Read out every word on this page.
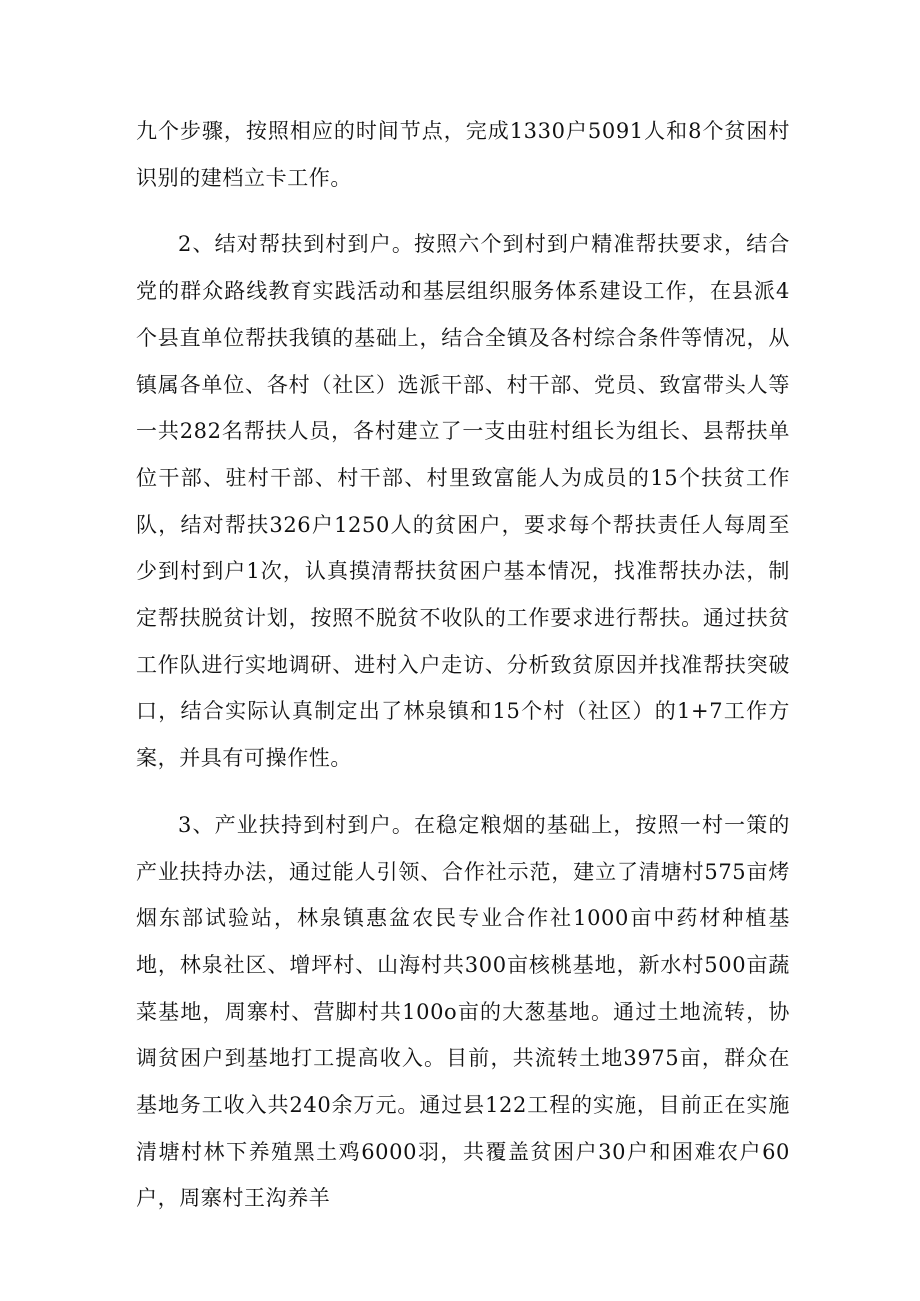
九个步骤，按照相应的时间节点，完成1330户5091人和8个贫困村识别的建档立卡工作。

2、结对帮扶到村到户。按照六个到村到户精准帮扶要求，结合党的群众路线教育实践活动和基层组织服务体系建设工作，在县派4个县直单位帮扶我镇的基础上，结合全镇及各村综合条件等情况，从镇属各单位、各村（社区）选派干部、村干部、党员、致富带头人等一共282名帮扶人员，各村建立了一支由驻村组长为组长、县帮扶单位干部、驻村干部、村干部、村里致富能人为成员的15个扶贫工作队，结对帮扶326户1250人的贫困户，要求每个帮扶责任人每周至少到村到户1次，认真摸清帮扶贫困户基本情况，找准帮扶办法，制定帮扶脱贫计划，按照不脱贫不收队的工作要求进行帮扶。通过扶贫工作队进行实地调研、进村入户走访、分析致贫原因并找准帮扶突破口，结合实际认真制定出了林泉镇和15个村（社区）的1+7工作方案，并具有可操作性。

3、产业扶持到村到户。在稳定粮烟的基础上，按照一村一策的产业扶持办法，通过能人引领、合作社示范，建立了清塘村575亩烤烟东部试验站，林泉镇惠盆农民专业合作社1000亩中药材种植基地，林泉社区、增坪村、山海村共300亩核桃基地，新水村500亩蔬菜基地，周寨村、营脚村共100o亩的大葱基地。通过土地流转，协调贫困户到基地打工提高收入。目前，共流转土地3975亩，群众在基地务工收入共240余万元。通过县122工程的实施，目前正在实施清塘村林下养殖黑土鸡6000羽，共覆盖贫困户30户和困难农户60户，周寨村王沟养羊
